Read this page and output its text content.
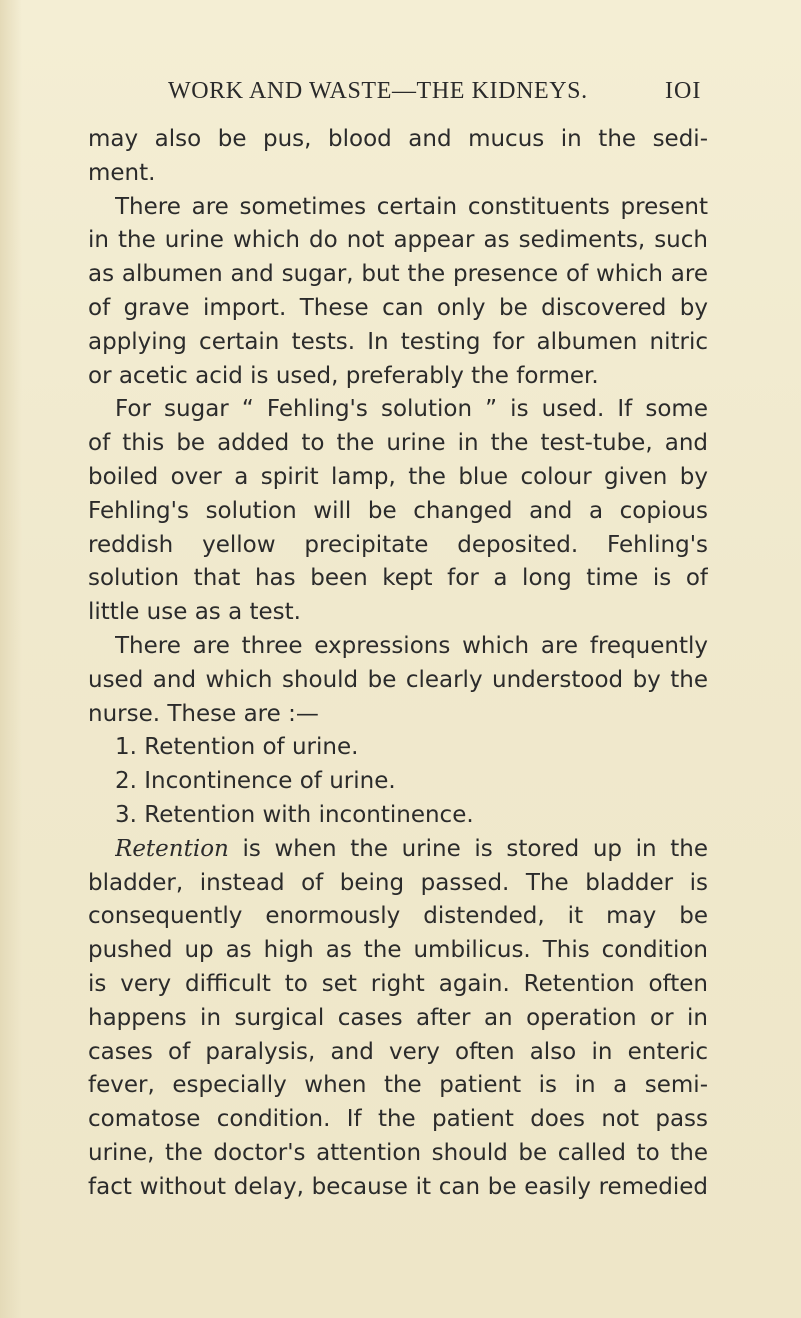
WORK AND WASTE—THE KIDNEYS.	IOI
may also be pus, blood and mucus in the sedi-
ment.
There are sometimes certain constituents present
in the urine which do not appear as sediments, such
as albumen and sugar, but the presence of which are
of grave import. These can only be discovered by
applying certain tests. In testing for albumen nitric
or acetic acid is used, preferably the former.
For sugar “ Fehling's solution ” is used. If some
of this be added to the urine in the test-tube, and
boiled over a spirit lamp, the blue colour given by
Fehling's solution will be changed and a copious
reddish yellow precipitate deposited. Fehling's
solution that has been kept for a long time is of
little use as a test.
There are three expressions which are frequently
used and which should be clearly understood by the
nurse. These are :—
1. Retention of urine.
2. Incontinence of urine.
3. Retention with incontinence.
Retention is when the urine is stored up in the
bladder, instead of being passed. The bladder is
consequently enormously distended, it may be
pushed up as high as the umbilicus. This condition
is very difficult to set right again. Retention often
happens in surgical cases after an operation or in
cases of paralysis, and very often also in enteric
fever, especially when the patient is in a semi-
comatose condition. If the patient does not pass
urine, the doctor's attention should be called to the
fact without delay, because it can be easily remedied
